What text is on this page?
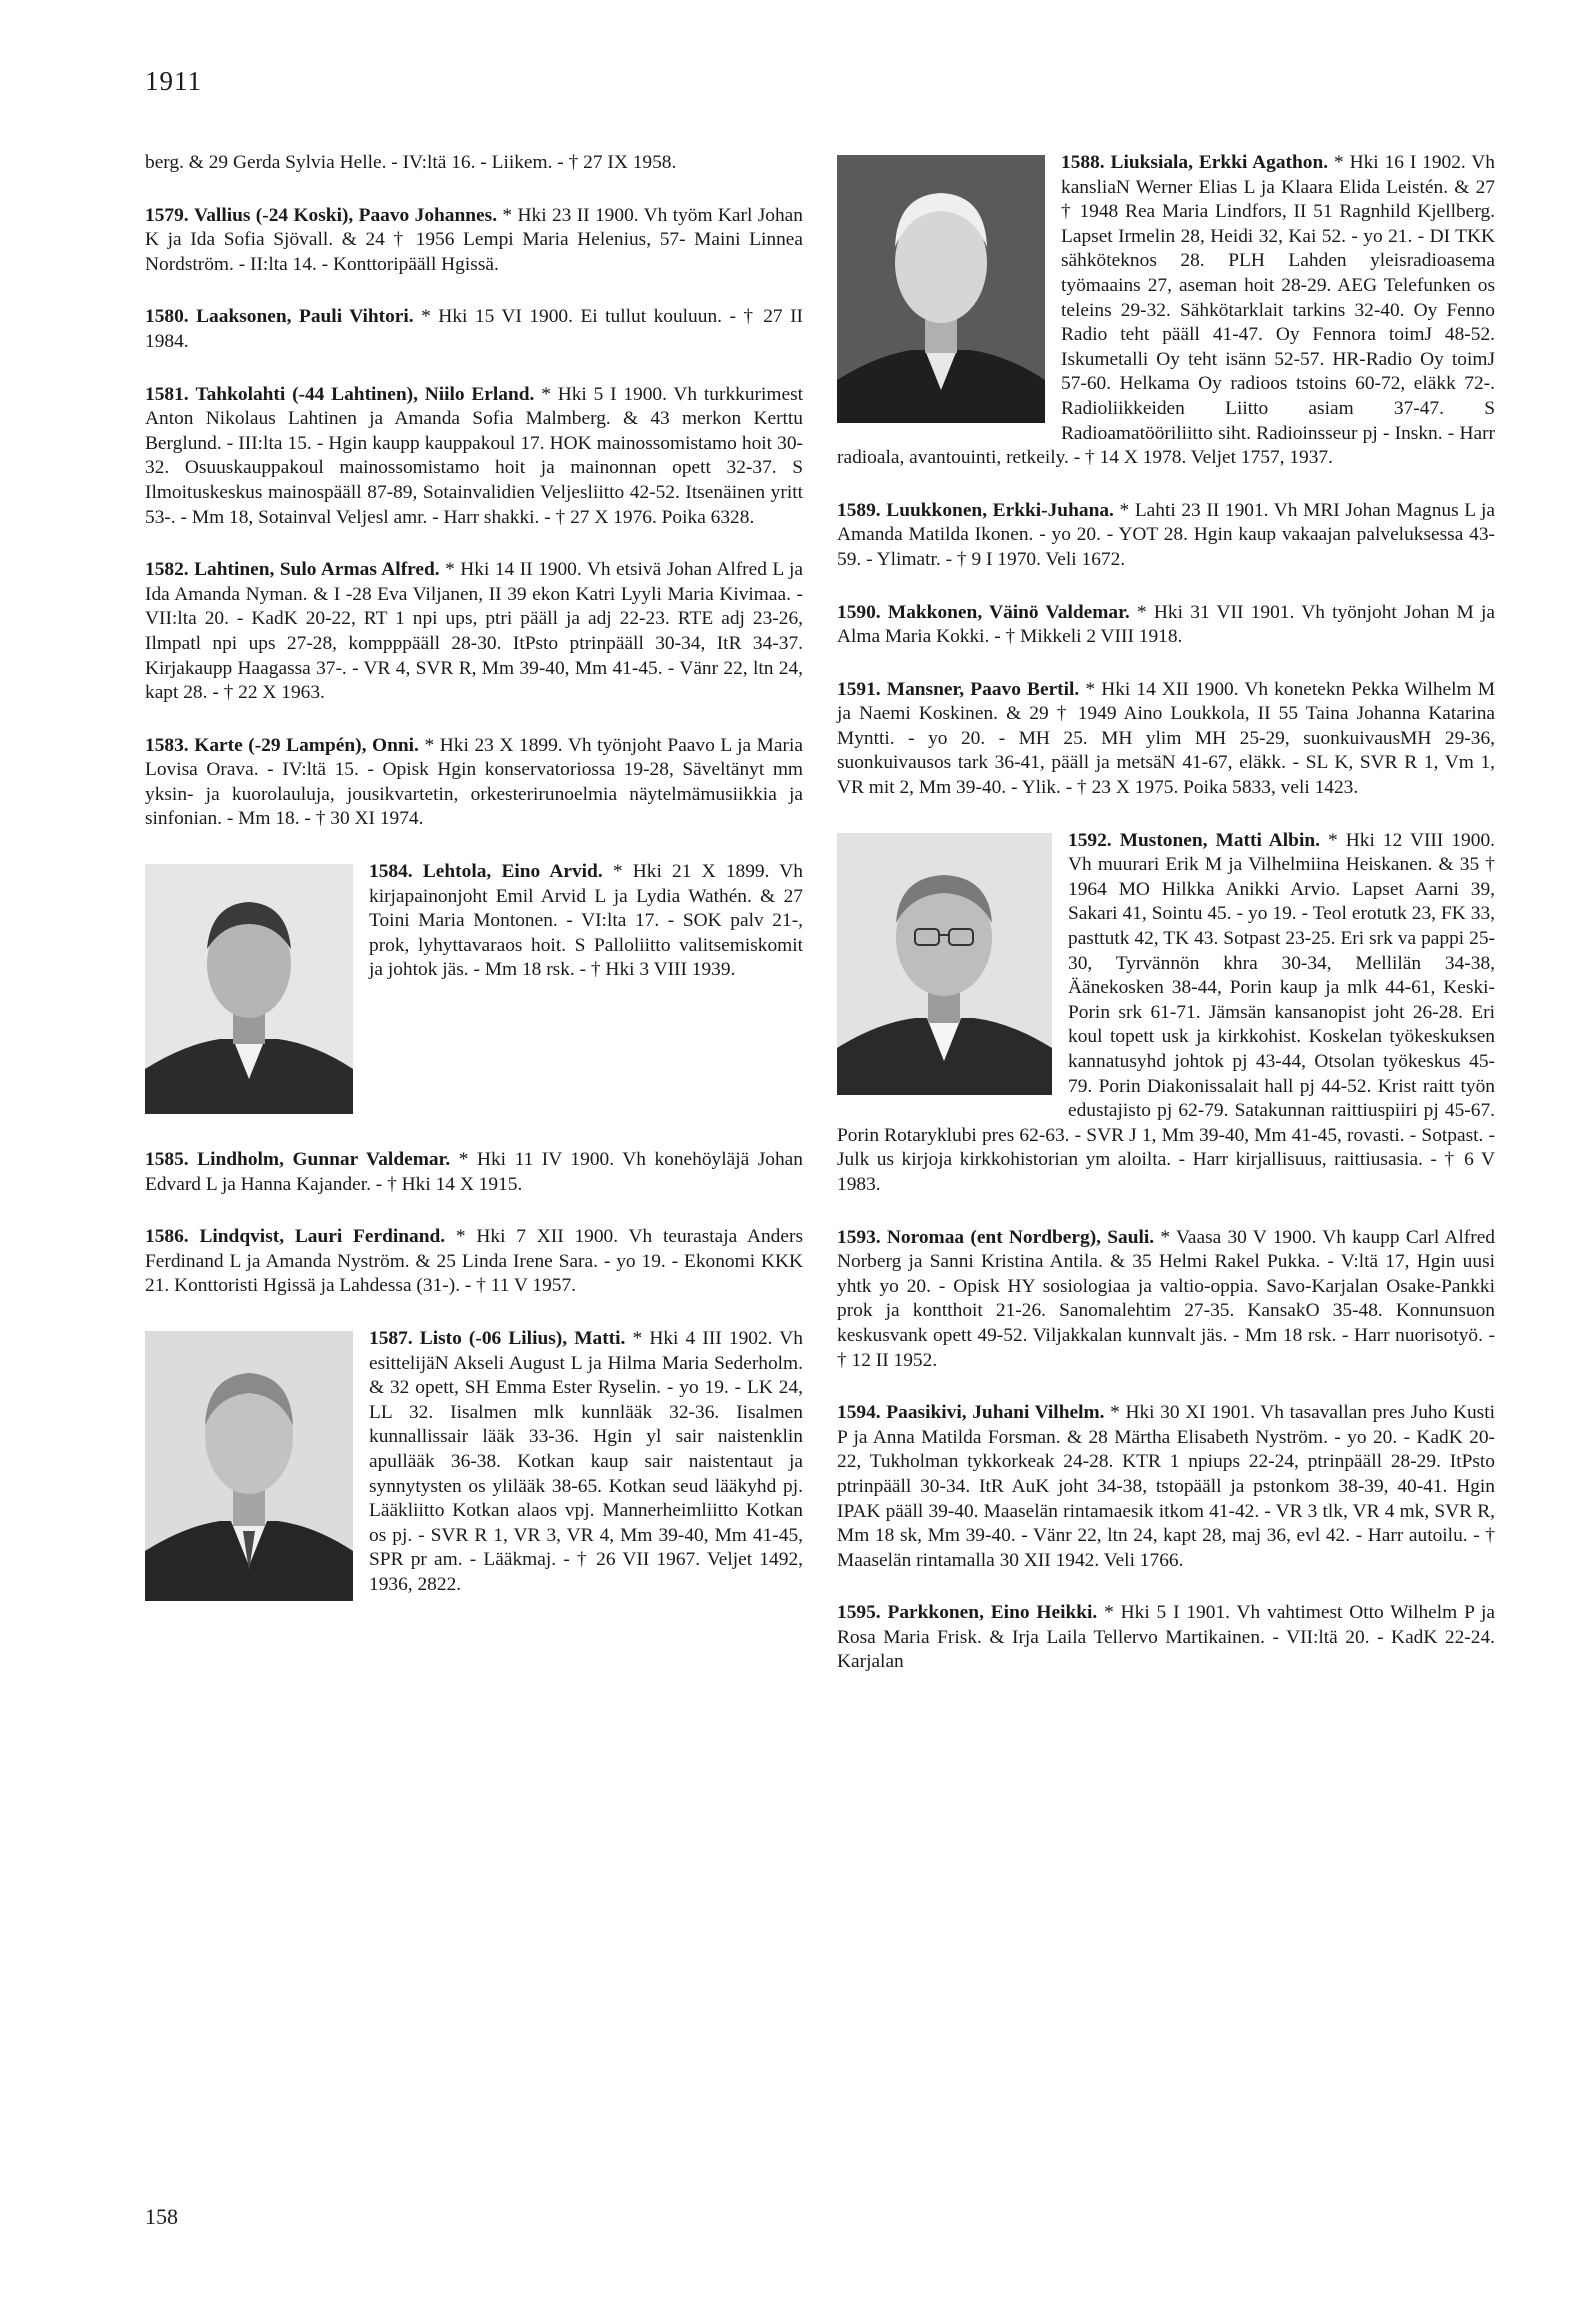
1911

berg. & 29 Gerda Sylvia Helle. - IV:ltä 16. - Liikem. - † 27 IX 1958.

1579. Vallius (-24 Koski), Paavo Johannes. * Hki 23 II 1900. Vh työm Karl Johan K ja Ida Sofia Sjövall. & 24 † 1956 Lempi Maria Helenius, 57- Maini Linnea Nordström. - II:lta 14. - Konttoripääll Hgissä.

1580. Laaksonen, Pauli Vihtori. * Hki 15 VI 1900. Ei tullut kouluun. - † 27 II 1984.

1581. Tahkolahti (-44 Lahtinen), Niilo Erland. * Hki 5 I 1900. Vh turkkurimest Anton Nikolaus Lahtinen ja Amanda Sofia Malmberg. & 43 merkon Kerttu Berglund. - III:lta 15. - Hgin kaupp kauppakoul 17. HOK mainossomistamo hoit 30-32. Osuuskauppakoul mainossomistamo hoit ja mainonnan opett 32-37. S Ilmoituskeskus mainospääll 87-89, Sotainvalidien Veljesliitto 42-52. Itsenäinen yritt 53-. - Mm 18, Sotainval Veljesl amr. - Harr shakki. - † 27 X 1976. Poika 6328.

1582. Lahtinen, Sulo Armas Alfred. * Hki 14 II 1900. Vh etsivä Johan Alfred L ja Ida Amanda Nyman. & I -28 Eva Viljanen, II 39 ekon Katri Lyyli Maria Kivimaa. - VII:lta 20. - KadK 20-22, RT 1 npi ups, ptri pääll ja adj 22-23. RTE adj 23-26, Ilmpatl npi ups 27-28, kompppääll 28-30. ItPsto ptrinpääll 30-34, ItR 34-37. Kirjakaupp Haagassa 37-. - VR 4, SVR R, Mm 39-40, Mm 41-45. - Vänr 22, ltn 24, kapt 28. - † 22 X 1963.

1583. Karte (-29 Lampén), Onni. * Hki 23 X 1899. Vh työnjoht Paavo L ja Maria Lovisa Orava. - IV:ltä 15. - Opisk Hgin konservatoriossa 19-28, Säveltänyt mm yksin- ja kuorolauluja, jousikvartetin, orkesterirunoelmia näytelmämusiikkia ja sinfonian. - Mm 18. - † 30 XI 1974.

1584. Lehtola, Eino Arvid.
* Hki 21 X 1899. Vh kirjapainonjoht Emil Arvid L ja Lydia Wathén. & 27 Toini Maria Montonen. - VI:lta 17. - SOK palv 21-, prok, lyhyttavaraos hoit. S Palloliitto valitsemiskomit ja johtok jäs. - Mm 18 rsk. - † Hki 3 VIII 1939.

1585. Lindholm, Gunnar Valdemar. * Hki 11 IV 1900. Vh konehöyläjä Johan Edvard L ja Hanna Kajander. - † Hki 14 X 1915.

1586. Lindqvist, Lauri Ferdinand. * Hki 7 XII 1900. Vh teurastaja Anders Ferdinand L ja Amanda Nyström. & 25 Linda Irene Sara. - yo 19. - Ekonomi KKK 21. Konttoristi Hgissä ja Lahdessa (31-). - † 11 V 1957.

1587. Listo (-06 Lilius), Matti.
* Hki 4 III 1902. Vh esittelijäN Akseli August L ja Hilma Maria Sederholm. & 32 opett, SH Emma Ester Ryselin. - yo 19. - LK 24, LL 32. Iisalmen mlk kunnlääk 32-36. Iisalmen kunnallissair lääk 33-36. Hgin yl sair naistenklin apullääk 36-38. Kotkan kaup sair naistentaut ja synnytysten os ylilääk 38-65. Kotkan seud lääkyhd pj. Lääkliitto Kotkan alaos vpj. Mannerheimliitto Kotkan os pj. - SVR R 1, VR 3, VR 4, Mm 39-40, Mm 41-45, SPR pr am. - Lääkmaj. - † 26 VII 1967. Veljet 1492, 1936, 2822.

1588. Liuksiala, Erkki Agathon.
* Hki 16 I 1902. Vh kansliaN Werner Elias L ja Klaara Elida Leistén. & 27 † 1948 Rea Maria Lindfors, II 51 Ragnhild Kjellberg. Lapset Irmelin 28, Heidi 32, Kai 52. - yo 21. - DI TKK sähköteknos 28. PLH Lahden yleisradioasema työmaains 27, aseman hoit 28-29. AEG Telefunken os teleins 29-32. Sähkötarklait tarkins 32-40. Oy Fenno Radio teht pääll 41-47. Oy Fennora toimJ 48-52. Iskumetalli Oy teht isänn 52-57. HR-Radio Oy toimJ 57-60. Helkama Oy radioos tstoins 60-72, eläkk 72-. Radioliikkeiden Liitto asiam 37-47. S Radioamatööriliitto siht. Radioinsseur pj - Inskn. - Harr radioala, avantouinti, retkeily. - † 14 X 1978. Veljet 1757, 1937.

1589. Luukkonen, Erkki-Juhana. * Lahti 23 II 1901. Vh MRI Johan Magnus L ja Amanda Matilda Ikonen. - yo 20. - YOT 28. Hgin kaup vakaajan palveluksessa 43-59. - Ylimatr. - † 9 I 1970. Veli 1672.

1590. Makkonen, Väinö Valdemar. * Hki 31 VII 1901. Vh työnjoht Johan M ja Alma Maria Kokki. - † Mikkeli 2 VIII 1918.

1591. Mansner, Paavo Bertil. * Hki 14 XII 1900. Vh konetekn Pekka Wilhelm M ja Naemi Koskinen. & 29 † 1949 Aino Loukkola, II 55 Taina Johanna Katarina Myntti. - yo 20. - MH 25. MH ylim MH 25-29, suonkuivausMH 29-36, suonkuivausos tark 36-41, pääll ja metsäN 41-67, eläkk. - SL K, SVR R 1, Vm 1, VR mit 2, Mm 39-40. - Ylik. - † 23 X 1975. Poika 5833, veli 1423.

1592. Mustonen, Matti Albin.
* Hki 12 VIII 1900. Vh muurari Erik M ja Vilhelmiina Heiskanen. & 35 † 1964 MO Hilkka Anikki Arvio. Lapset Aarni 39, Sakari 41, Sointu 45. - yo 19. - Teol erotutk 23, FK 33, pasttutk 42, TK 43. Sotpast 23-25. Eri srk va pappi 25-30, Tyrvännön khra 30-34, Mellilän 34-38, Äänekosken 38-44, Porin kaup ja mlk 44-61, Keski-Porin srk 61-71. Jämsän kansanopist joht 26-28. Eri koul topett usk ja kirkkohist. Koskelan työkeskuksen kannatusyhd johtok pj 43-44, Otsolan työkeskus 45-79. Porin Diakonissalait hall pj 44-52. Krist raitt työn edustajisto pj 62-79. Satakunnan raittiuspiiri pj 45-67. Porin Rotaryklubi pres 62-63. - SVR J 1, Mm 39-40, Mm 41-45, rovasti. - Sotpast. - Julk us kirjoja kirkkohistorian ym aloilta. - Harr kirjallisuus, raittiusasia. - † 6 V 1983.

1593. Noromaa (ent Nordberg), Sauli. * Vaasa 30 V 1900. Vh kaupp Carl Alfred Norberg ja Sanni Kristina Antila. & 35 Helmi Rakel Pukka. - V:ltä 17, Hgin uusi yhtk yo 20. - Opisk HY sosiologiaa ja valtio-oppia. Savo-Karjalan Osake-Pankki prok ja kontthoit 21-26. Sanomalehtim 27-35. KansakO 35-48. Konnunsuon keskusvank opett 49-52. Viljakkalan kunnvalt jäs. - Mm 18 rsk. - Harr nuorisotyö. - † 12 II 1952.

1594. Paasikivi, Juhani Vilhelm. * Hki 30 XI 1901. Vh tasavallan pres Juho Kusti P ja Anna Matilda Forsman. & 28 Märtha Elisabeth Nyström. - yo 20. - KadK 20-22, Tukholman tykkorkeak 24-28. KTR 1 npiups 22-24, ptrinpääll 28-29. ItPsto ptrinpääll 30-34. ItR AuK joht 34-38, tstopääll ja pstonkom 38-39, 40-41. Hgin IPAK pääll 39-40. Maaselän rintamaesik itkom 41-42. - VR 3 tlk, VR 4 mk, SVR R, Mm 18 sk, Mm 39-40. - Vänr 22, ltn 24, kapt 28, maj 36, evl 42. - Harr autoilu. - † Maaselän rintamalla 30 XII 1942. Veli 1766.

1595. Parkkonen, Eino Heikki. * Hki 5 I 1901. Vh vahtimest Otto Wilhelm P ja Rosa Maria Frisk. & Irja Laila Tellervo Martikainen. - VII:ltä 20. - KadK 22-24. Karjalan

158
